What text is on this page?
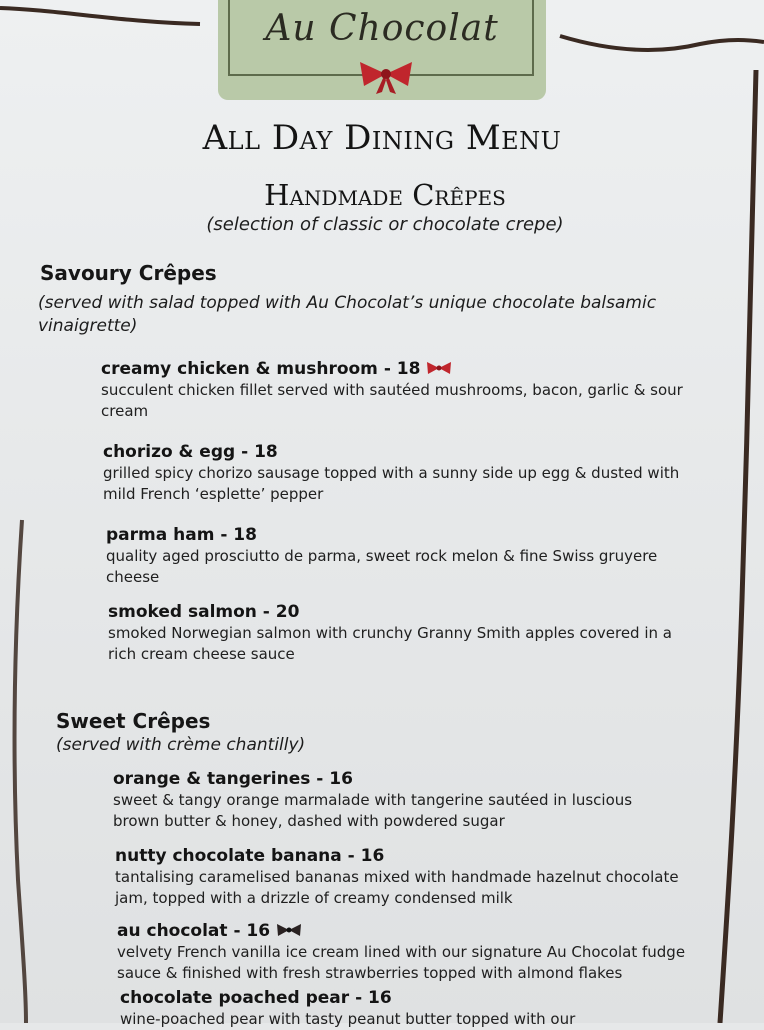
Au Chocolat
All Day Dining Menu
Handmade Crêpes
(selection of classic or chocolate crepe)
Savoury Crêpes
(served with salad topped with Au Chocolat’s unique chocolate balsamic vinaigrette)
creamy chicken & mushroom - 18
succulent chicken fillet served with sautéed mushrooms, bacon, garlic & sour cream
chorizo & egg - 18
grilled spicy chorizo sausage topped with a sunny side up egg & dusted with mild French ‘esplette’ pepper
parma ham - 18
quality aged prosciutto de parma, sweet rock melon & fine Swiss gruyere cheese
smoked salmon - 20
smoked Norwegian salmon with crunchy Granny Smith apples covered in a rich cream cheese sauce
Sweet Crêpes
(served with crème chantilly)
orange & tangerines - 16
sweet & tangy orange marmalade with tangerine sautéed in luscious brown butter & honey, dashed with powdered sugar
nutty chocolate banana - 16
tantalising caramelised bananas mixed with handmade hazelnut chocolate jam, topped with a drizzle of creamy condensed milk
au chocolat - 16
velvety French vanilla ice cream lined with our signature Au Chocolat fudge sauce & finished with fresh strawberries topped with almond flakes
chocolate poached pear - 16
wine-poached pear with tasty peanut butter topped with our
